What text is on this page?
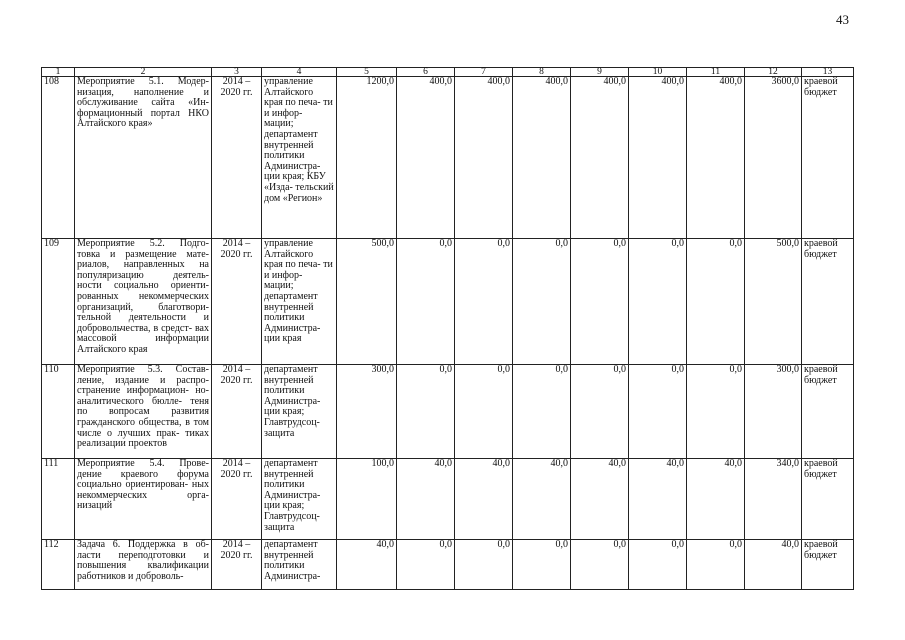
43
1	2	3	4	5	6	7	8	9	10	11	12	13
108	Мероприятие 5.1. Модер- низация, наполнение и обслуживание сайта «Ин- формационный портал НКО Алтайского края»	2014 – 2020 гг.	управление Алтайского края по печа- ти и инфор- мации; департамент внутренней политики Администра- ции края; КБУ «Изда- тельский дом «Регион»	1200,0	400,0	400,0	400,0	400,0	400,0	400,0	3600,0	краевой бюджет
109	Мероприятие 5.2. Подго- товка и размещение мате- риалов, направленных на популяризацию деятель- ности социально ориенти- рованных некоммерческих организаций, благотвори- тельной деятельности и добровольчества, в средст- вах массовой информации Алтайского края	2014 – 2020 гг.	управление Алтайского края по печа- ти и инфор- мации; департамент внутренней политики Администра- ции края	500,0	0,0	0,0	0,0	0,0	0,0	0,0	500,0	краевой бюджет
110	Мероприятие 5.3. Состав- ление, издание и распро- странение информацион- но-аналитического бюлле- теня по вопросам развития гражданского общества, в том числе о лучших прак- тиках реализации проектов	2014 – 2020 гг.	департамент внутренней политики Администра- ции края; Главтрудсоц- защита	300,0	0,0	0,0	0,0	0,0	0,0	0,0	300,0	краевой бюджет
111	Мероприятие 5.4. Прове- дение краевого форума социально ориентирован- ных некоммерческих орга- низаций	2014 – 2020 гг.	департамент внутренней политики Администра- ции края; Главтрудсоц- защита	100,0	40,0	40,0	40,0	40,0	40,0	40,0	340,0	краевой бюджет
112	Задача 6. Поддержка в об- ласти переподготовки и повышения квалификации работников и доброволь-	2014 – 2020 гг.	департамент внутренней политики Администра-	40,0	0,0	0,0	0,0	0,0	0,0	0,0	40,0	краевой бюджет
